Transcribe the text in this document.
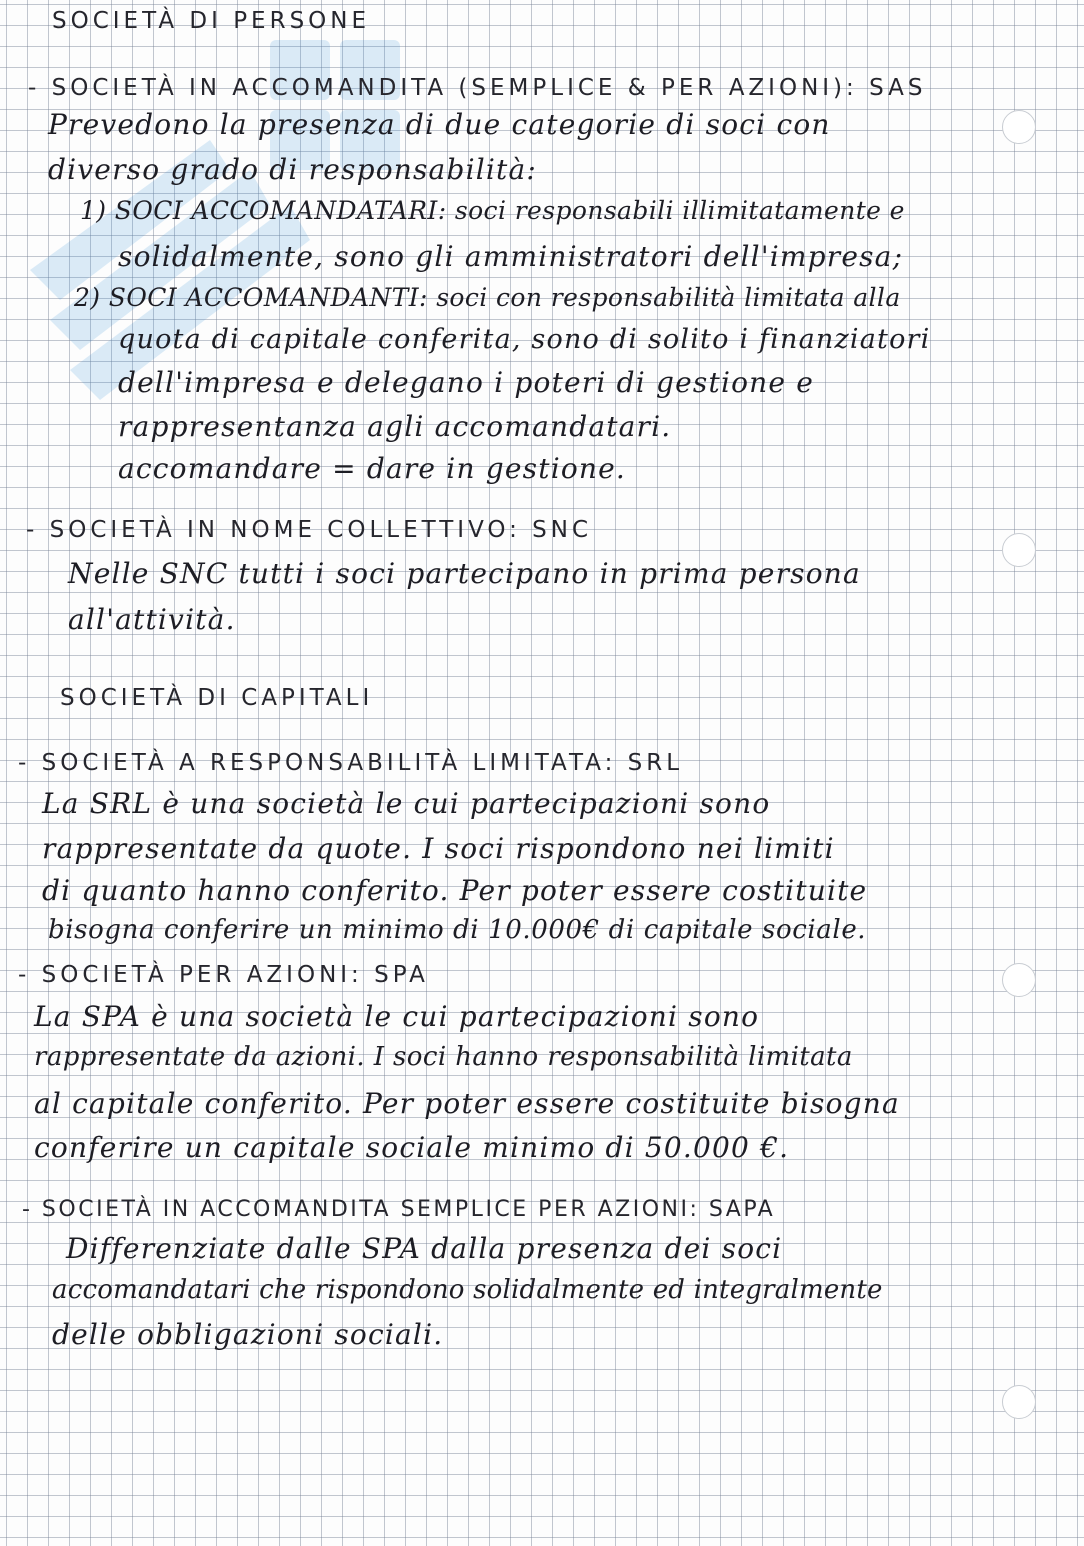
SOCIETÀ DI PERSONE

- SOCIETÀ IN ACCOMANDITA (SEMPLICE & PER AZIONI): SAS

Prevedono la presenza di due categorie di soci con

diverso grado di responsabilità:

1) SOCI ACCOMANDATARI: soci responsabili illimitatamente e

solidalmente, sono gli amministratori dell'impresa;

2) SOCI ACCOMANDANTI: soci con responsabilità limitata alla

quota di capitale conferita, sono di solito i finanziatori

dell'impresa e delegano i poteri di gestione e

rappresentanza agli accomandatari.

accomandare = dare in gestione.

- SOCIETÀ IN NOME COLLETTIVO: SNC

Nelle SNC tutti i soci partecipano in prima persona

all'attività.

SOCIETÀ DI CAPITALI

- SOCIETÀ A RESPONSABILITÀ LIMITATA: SRL

La SRL è una società le cui partecipazioni sono

rappresentate da quote. I soci rispondono nei limiti

di quanto hanno conferito. Per poter essere costituite

bisogna conferire un minimo di 10.000€ di capitale sociale.

- SOCIETÀ PER AZIONI: SPA

La SPA è una società le cui partecipazioni sono

rappresentate da azioni. I soci hanno responsabilità limitata

al capitale conferito. Per poter essere costituite bisogna

conferire un capitale sociale minimo di 50.000 €.

- SOCIETÀ IN ACCOMANDITA SEMPLICE PER AZIONI: SAPA

Differenziate dalle SPA dalla presenza dei soci

accomandatari che rispondono solidalmente ed integralmente

delle obbligazioni sociali.
